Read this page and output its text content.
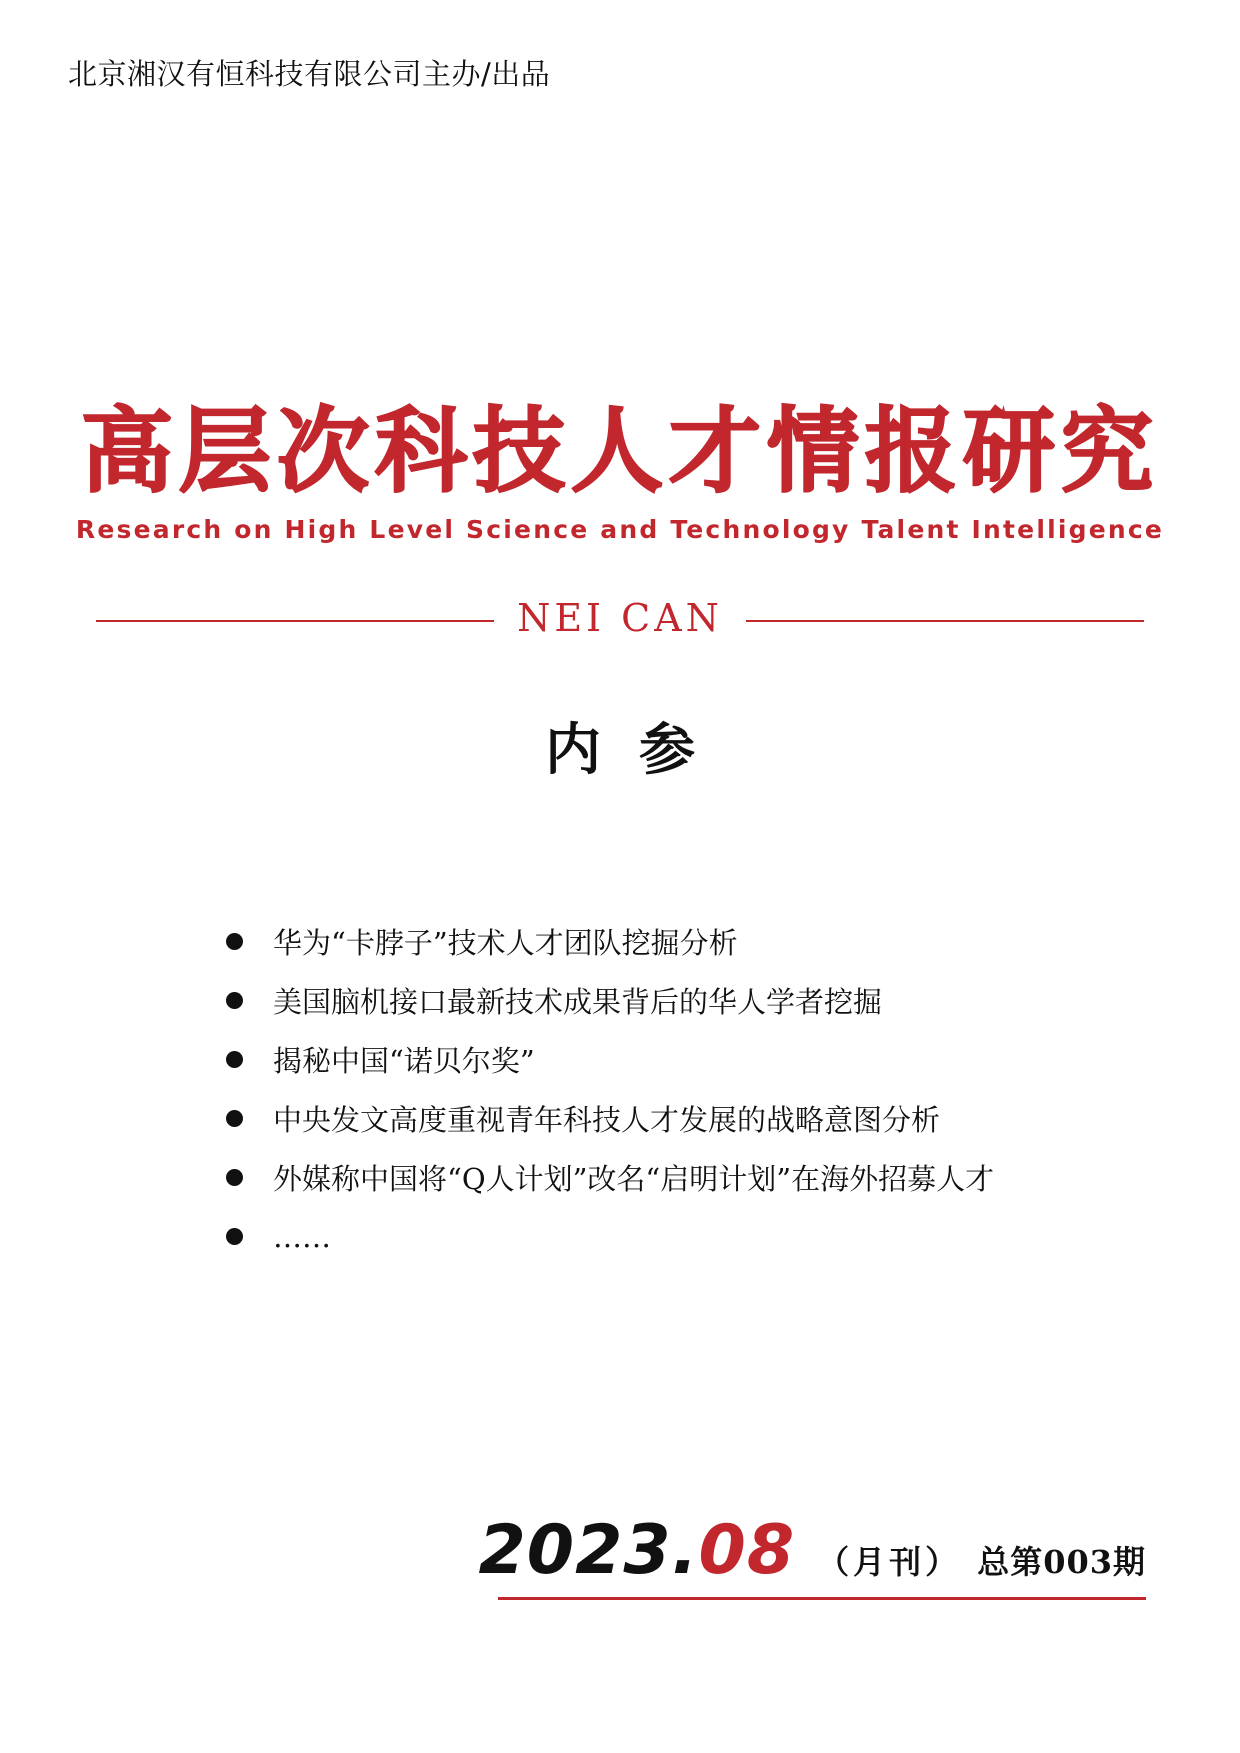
北京湘汉有恒科技有限公司主办/出品
高层次科技人才情报研究
Research on High Level Science and Technology Talent Intelligence
NEI CAN
内参
华为“卡脖子”技术人才团队挖掘分析
美国脑机接口最新技术成果背后的华人学者挖掘
揭秘中国“诺贝尔奖”
中央发文高度重视青年科技人才发展的战略意图分析
外媒称中国将“Q人计划”改名“启明计划”在海外招募人才
……
2023. 08 （月刊） 总第003期
